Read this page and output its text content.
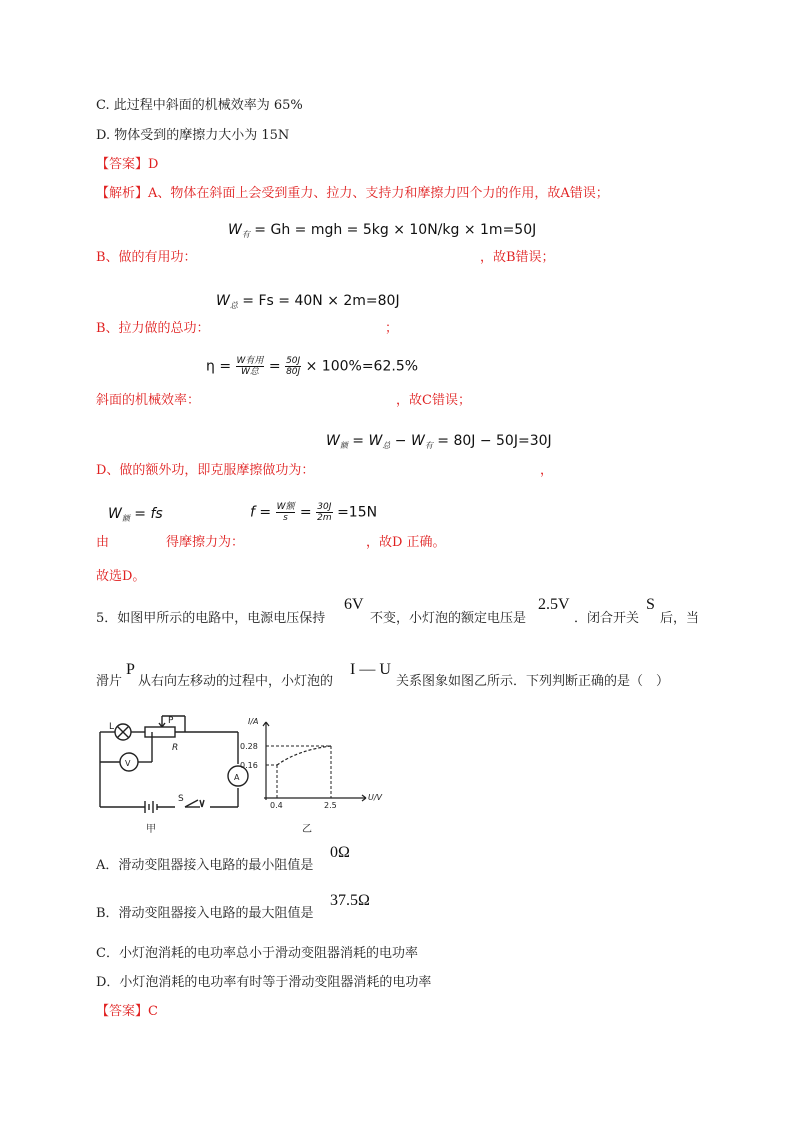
C. 此过程中斜面的机械效率为 65%
D. 物体受到的摩擦力大小为 15N
【答案】D
【解析】A、物体在斜面上会受到重力、拉力、支持力和摩擦力四个力的作用，故A错误；
$W_有 = Gh$ = mgh = 5kg × 10N/kg × 1m=50J
B、做的有用功：	，故B错误；
$W_总 = Fs = 40N \times 2m=80J$
B、拉力做的总功：	；
$\eta = \frac{\text{W有用}}{\text{W总}} = \frac{50J}{80J} \times 100\%=62.5\%$
斜面的机械效率：	，故C错误；
$W_额 = W_总 - W_有 = 80J - 50J=30J$
D、做的额外功，即克服摩擦做功为：	，
$W_额$ = fs	$f = \frac{\text{W额}}{s} = \frac{30J}{2m} =15N$
由	得摩擦力为：	，故D 正确。
故选D。
5．如图甲所示的电路中，电源电压保持
6V
不变，小灯泡的额定电压是
2.5V
．闭合开关
S
后，当
滑片
P
从右向左移动的过程中，小灯泡的
I — U
关系图象如图乙所示．下列判断正确的是（　）
L
P
R
V
A
S
甲
I/A
U/V
0.28
0.16
0.4	2.5
乙
A．滑动变阻器接入电路的最小阻值是
0Ω
B．滑动变阻器接入电路的最大阻值是
37.5Ω
C．小灯泡消耗的电功率总小于滑动变阻器消耗的电功率
D．小灯泡消耗的电功率有时等于滑动变阻器消耗的电功率
【答案】C
